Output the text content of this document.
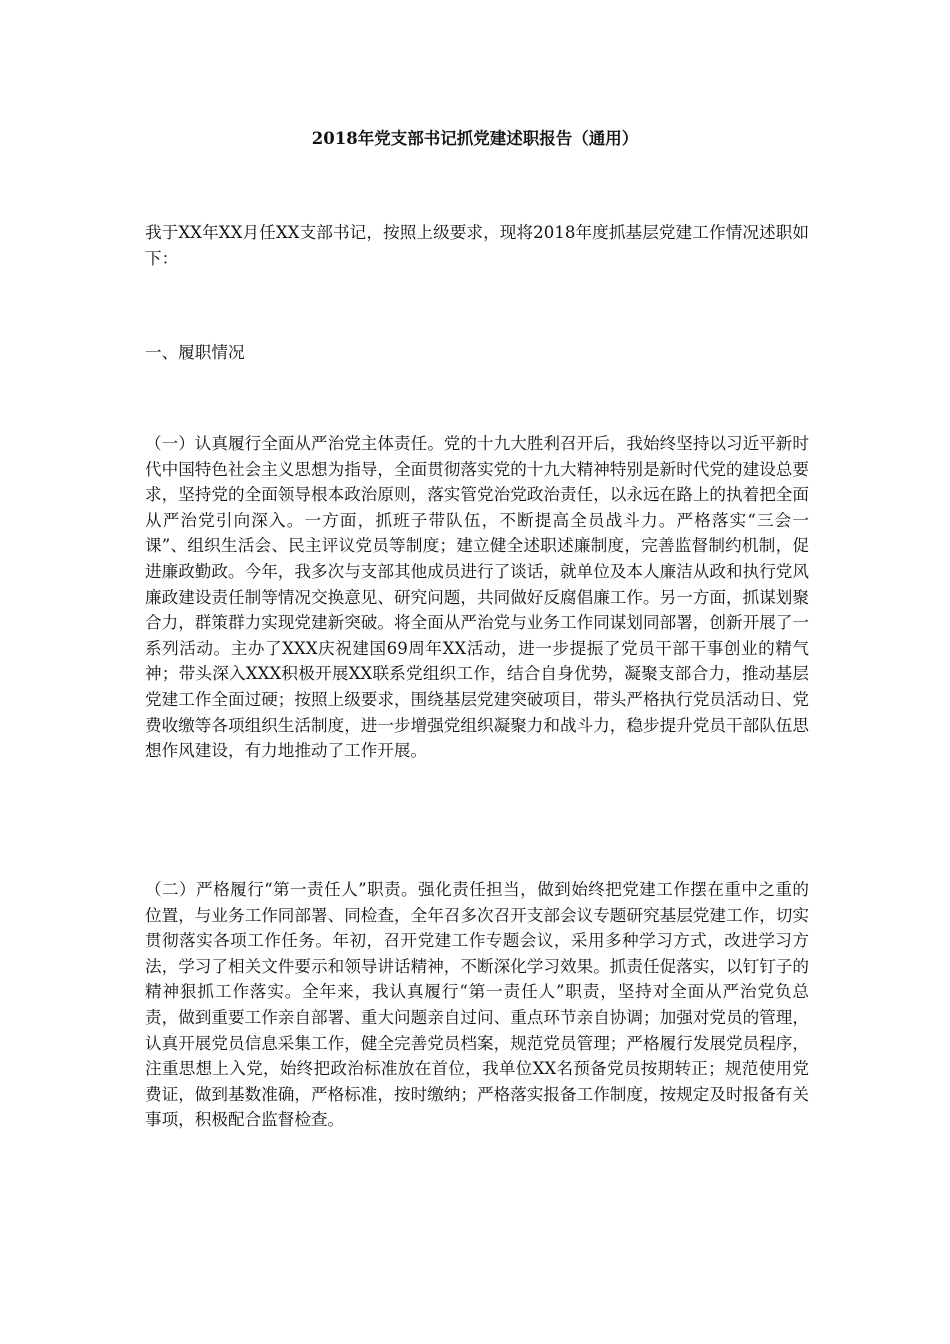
2018年党支部书记抓党建述职报告（通用）

我于XX年XX月任XX支部书记，按照上级要求，现将2018年度抓基层党建工作情况述职如下：

一、履职情况

（一）认真履行全面从严治党主体责任。党的十九大胜利召开后，我始终坚持以习近平新时代中国特色社会主义思想为指导，全面贯彻落实党的十九大精神特别是新时代党的建设总要求，坚持党的全面领导根本政治原则，落实管党治党政治责任，以永远在路上的执着把全面从严治党引向深入。一方面，抓班子带队伍，不断提高全员战斗力。严格落实“三会一课”、组织生活会、民主评议党员等制度；建立健全述职述廉制度，完善监督制约机制，促进廉政勤政。今年，我多次与支部其他成员进行了谈话，就单位及本人廉洁从政和执行党风廉政建设责任制等情况交换意见、研究问题，共同做好反腐倡廉工作。另一方面，抓谋划聚合力，群策群力实现党建新突破。将全面从严治党与业务工作同谋划同部署，创新开展了一系列活动。主办了XXX庆祝建国69周年XX活动，进一步提振了党员干部干事创业的精气神；带头深入XXX积极开展XX联系党组织工作，结合自身优势，凝聚支部合力，推动基层党建工作全面过硬；按照上级要求，围绕基层党建突破项目，带头严格执行党员活动日、党费收缴等各项组织生活制度，进一步增强党组织凝聚力和战斗力，稳步提升党员干部队伍思想作风建设，有力地推动了工作开展。

（二）严格履行“第一责任人”职责。强化责任担当，做到始终把党建工作摆在重中之重的位置，与业务工作同部署、同检查，全年召多次召开支部会议专题研究基层党建工作，切实贯彻落实各项工作任务。年初，召开党建工作专题会议，采用多种学习方式，改进学习方法，学习了相关文件要示和领导讲话精神，不断深化学习效果。抓责任促落实，以钉钉子的精神狠抓工作落实。全年来，我认真履行“第一责任人”职责，坚持对全面从严治党负总责，做到重要工作亲自部署、重大问题亲自过问、重点环节亲自协调；加强对党员的管理，认真开展党员信息采集工作，健全完善党员档案，规范党员管理；严格履行发展党员程序，注重思想上入党，始终把政治标准放在首位，我单位XX名预备党员按期转正；规范使用党费证，做到基数准确，严格标准，按时缴纳；严格落实报备工作制度，按规定及时报备有关事项，积极配合监督检查。
